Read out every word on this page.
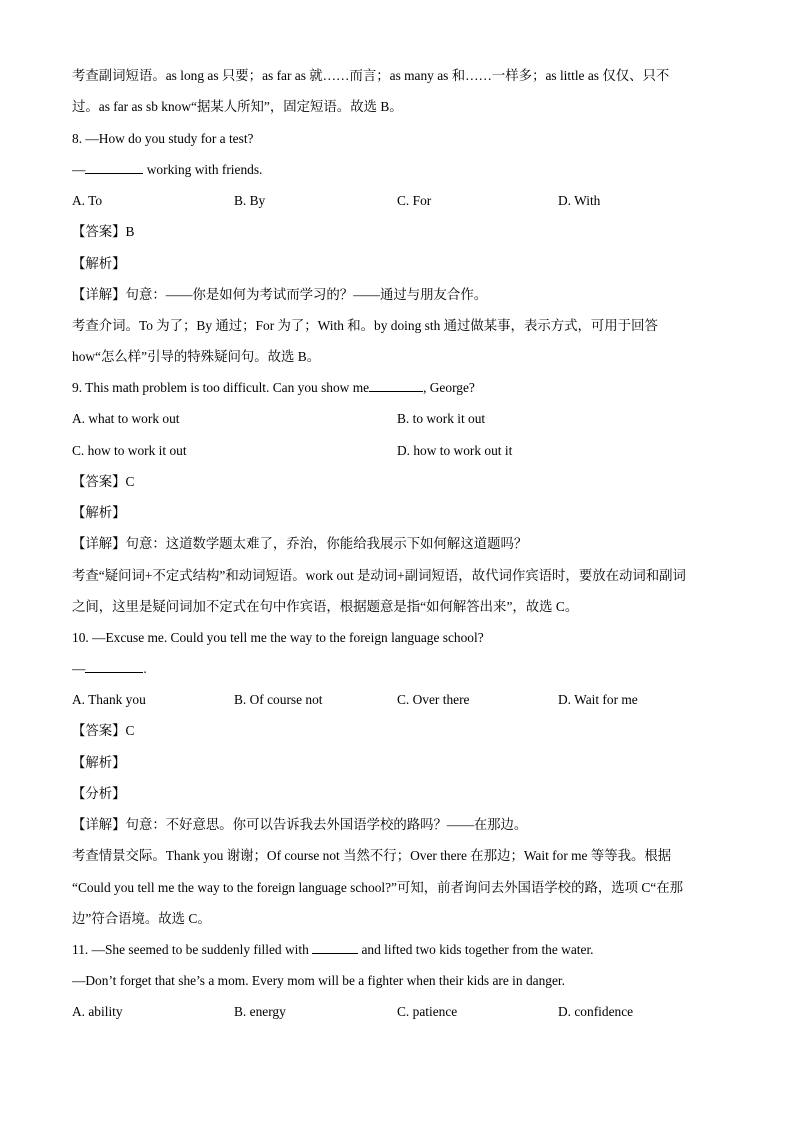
考查副词短语。as long as 只要；as far as 就……而言；as many as 和……一样多；as little as 仅仅、只不
过。as far as sb know“据某人所知”，固定短语。故选 B。
8. —How do you study for a test?
—	working with friends.
A. To	B. By	C. For	D. With
【答案】B
【解析】
【详解】句意：——你是如何为考试而学习的？——通过与朋友合作。
考查介词。To 为了；By 通过；For 为了；With 和。by doing sth 通过做某事，表示方式，可用于回答
how“怎么样”引导的特殊疑问句。故选 B。
9. This math problem is too difficult. Can you show me	, George?
A. what to work out	B. to work it out
C. how to work it out	D. how to work out it
【答案】C
【解析】
【详解】句意：这道数学题太难了，乔治，你能给我展示下如何解这道题吗？
考查“疑问词+不定式结构”和动词短语。work out 是动词+副词短语，故代词作宾语时，要放在动词和副词
之间，这里是疑问词加不定式在句中作宾语，根据题意是指“如何解答出来”，故选 C。
10. —Excuse me. Could you tell me the way to the foreign language school?
—	.
A. Thank you	B. Of course not	C. Over there	D. Wait for me
【答案】C
【解析】
【分析】
【详解】句意：不好意思。你可以告诉我去外国语学校的路吗？——在那边。
考查情景交际。Thank you 谢谢；Of course not 当然不行；Over there 在那边；Wait for me 等等我。根据
“Could you tell me the way to the foreign language school?”可知，前者询问去外国语学校的路，选项 C“在那
边”符合语境。故选 C。
11. —She seemed to be suddenly filled with	and lifted two kids together from the water.
—Don’t forget that she’s a mom. Every mom will be a fighter when their kids are in danger.
A. ability	B. energy	C. patience	D. confidence
